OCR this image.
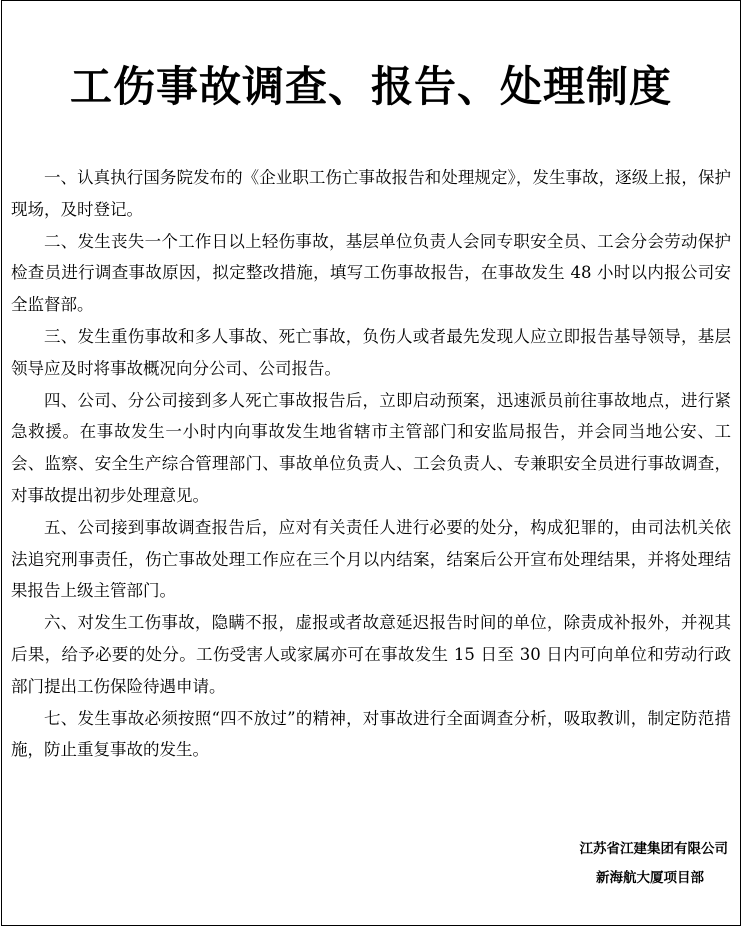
工伤事故调查、报告、处理制度

一、认真执行国务院发布的《企业职工伤亡事故报告和处理规定》，发生事故，逐级上报，保护现场，及时登记。

二、发生丧失一个工作日以上轻伤事故，基层单位负责人会同专职安全员、工会分会劳动保护检查员进行调查事故原因，拟定整改措施，填写工伤事故报告，在事故发生 48 小时以内报公司安全监督部。

三、发生重伤事故和多人事故、死亡事故，负伤人或者最先发现人应立即报告基导领导，基层领导应及时将事故概况向分公司、公司报告。

四、公司、分公司接到多人死亡事故报告后，立即启动预案，迅速派员前往事故地点，进行紧急救援。在事故发生一小时内向事故发生地省辖市主管部门和安监局报告，并会同当地公安、工会、监察、安全生产综合管理部门、事故单位负责人、工会负责人、专兼职安全员进行事故调查，对事故提出初步处理意见。

五、公司接到事故调查报告后，应对有关责任人进行必要的处分，构成犯罪的，由司法机关依法追究刑事责任，伤亡事故处理工作应在三个月以内结案，结案后公开宣布处理结果，并将处理结果报告上级主管部门。

六、对发生工伤事故，隐瞒不报，虚报或者故意延迟报告时间的单位，除责成补报外，并视其后果，给予必要的处分。工伤受害人或家属亦可在事故发生 15 日至 30 日内可向单位和劳动行政部门提出工伤保险待遇申请。

七、发生事故必须按照“四不放过”的精神，对事故进行全面调查分析，吸取教训，制定防范措施，防止重复事故的发生。

江苏省江建集团有限公司
新海航大厦项目部
